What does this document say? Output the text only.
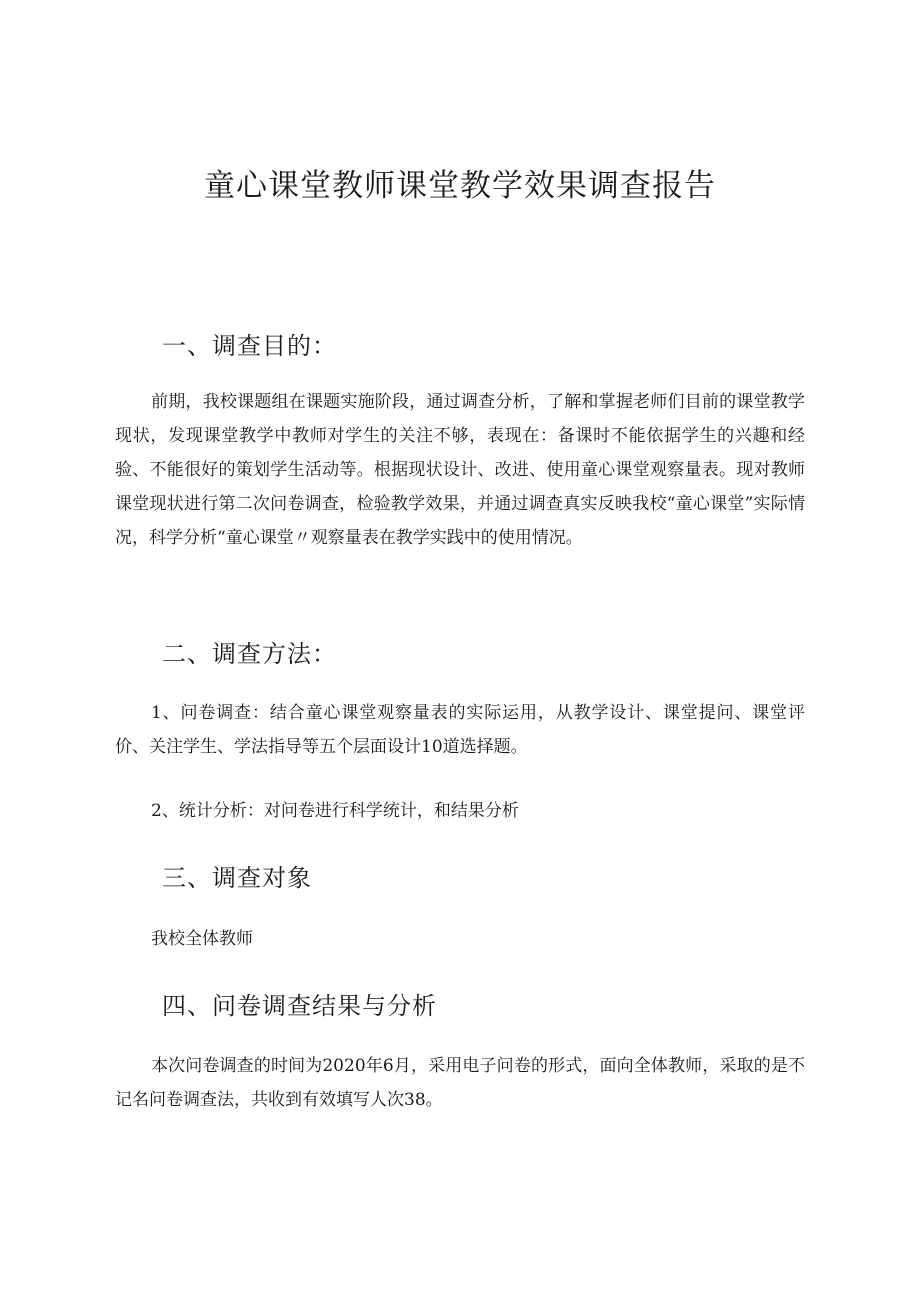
童心课堂教师课堂教学效果调查报告
一、调查目的：

前期，我校课题组在课题实施阶段，通过调查分析，了解和掌握老师们目前的课堂教学现状，发现课堂教学中教师对学生的关注不够，表现在：备课时不能依据学生的兴趣和经验、不能很好的策划学生活动等。根据现状设计、改进、使用童心课堂观察量表。现对教师课堂现状进行第二次问卷调查，检验教学效果，并通过调查真实反映我校“童心课堂”实际情况，科学分析“童心课堂〃观察量表在教学实践中的使用情况。

二、调查方法：

1、问卷调查：结合童心课堂观察量表的实际运用，从教学设计、课堂提问、课堂评价、关注学生、学法指导等五个层面设计10道选择题。

2、统计分析：对问卷进行科学统计，和结果分析

三、调查对象

我校全体教师

四、问卷调查结果与分析

本次问卷调查的时间为2020年6月，采用电子问卷的形式，面向全体教师，采取的是不记名问卷调查法，共收到有效填写人次38。
